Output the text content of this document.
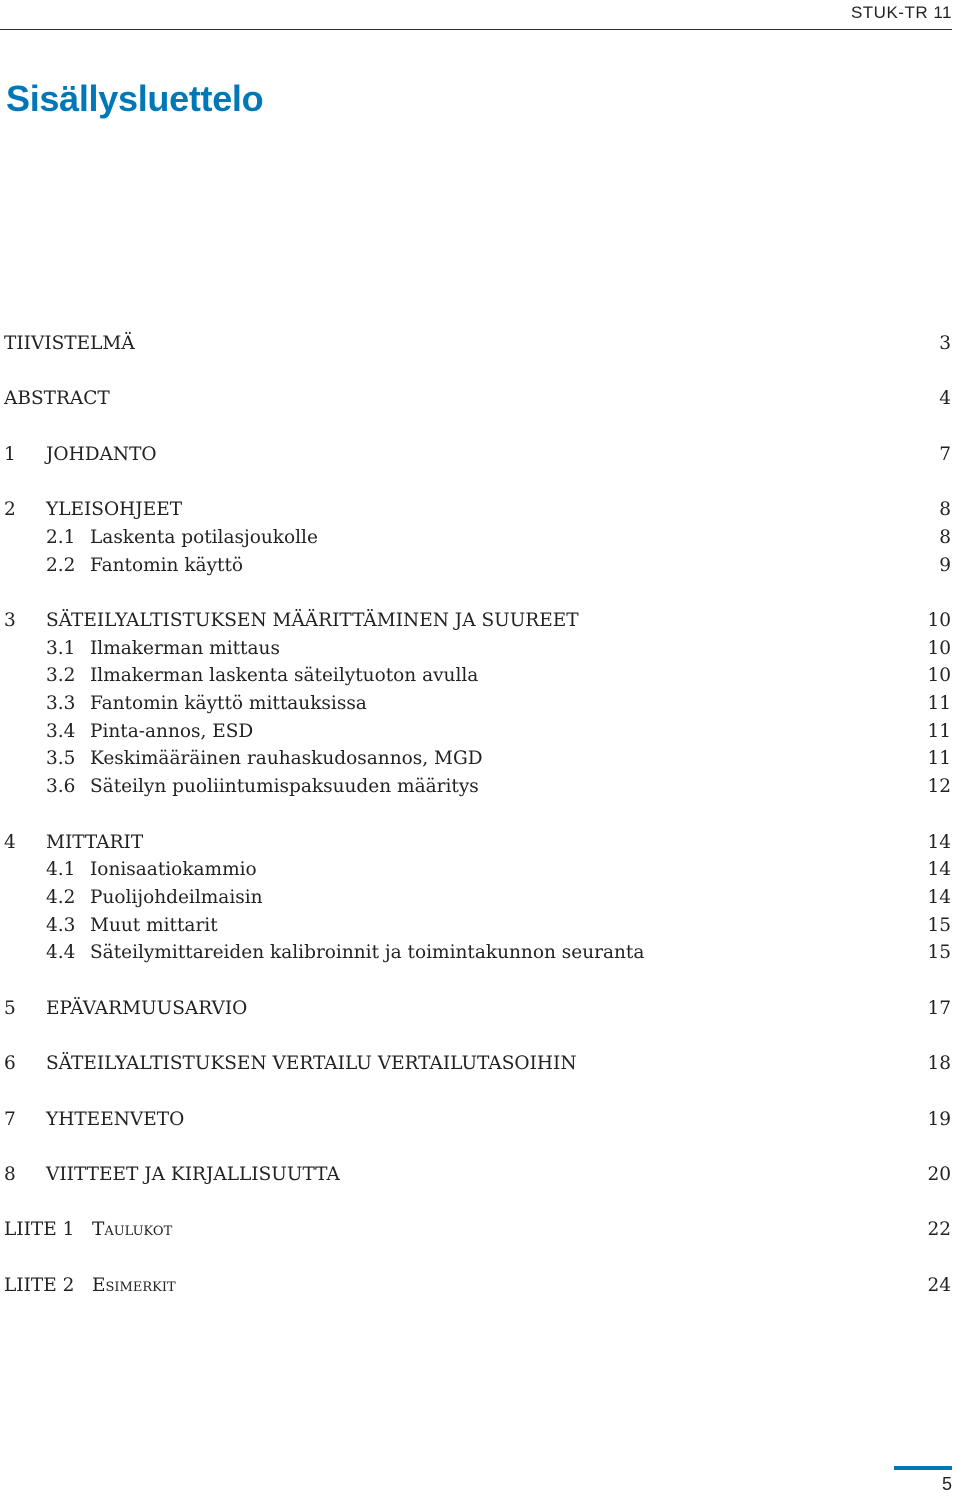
STUK-TR 11
Sisällysluettelo
TIIVISTELMÄ	3
ABSTRACT	4
1	JOHDANTO	7
2	YLEISOHJEET	8
2.1 Laskenta potilasjoukolle	8
2.2 Fantomin käyttö	9
3	SÄTEILYALTISTUKSEN MÄÄRITTÄMINEN JA SUUREET	10
3.1 Ilmakerman mittaus	10
3.2 Ilmakerman laskenta säteilytuoton avulla	10
3.3 Fantomin käyttö mittauksissa	11
3.4 Pinta-annos, ESD	11
3.5 Keskimääräinen rauhaskudosannos, MGD	11
3.6 Säteilyn puoliintumispaksuuden määritys	12
4	MITTARIT	14
4.1 Ionisaatiokammio	14
4.2 Puolijohdeilmaisin	14
4.3 Muut mittarit	15
4.4 Säteilymittareiden kalibroinnit ja toimintakunnon seuranta	15
5	EPÄVARMUUSARVIO	17
6	SÄTEILYALTISTUKSEN VERTAILU VERTAILUTASOIHIN	18
7	YHTEENVETO	19
8	VIITTEET JA KIRJALLISUUTTA	20
LIITE 1 Taulukot	22
LIITE 2 Esimerkit	24
5
